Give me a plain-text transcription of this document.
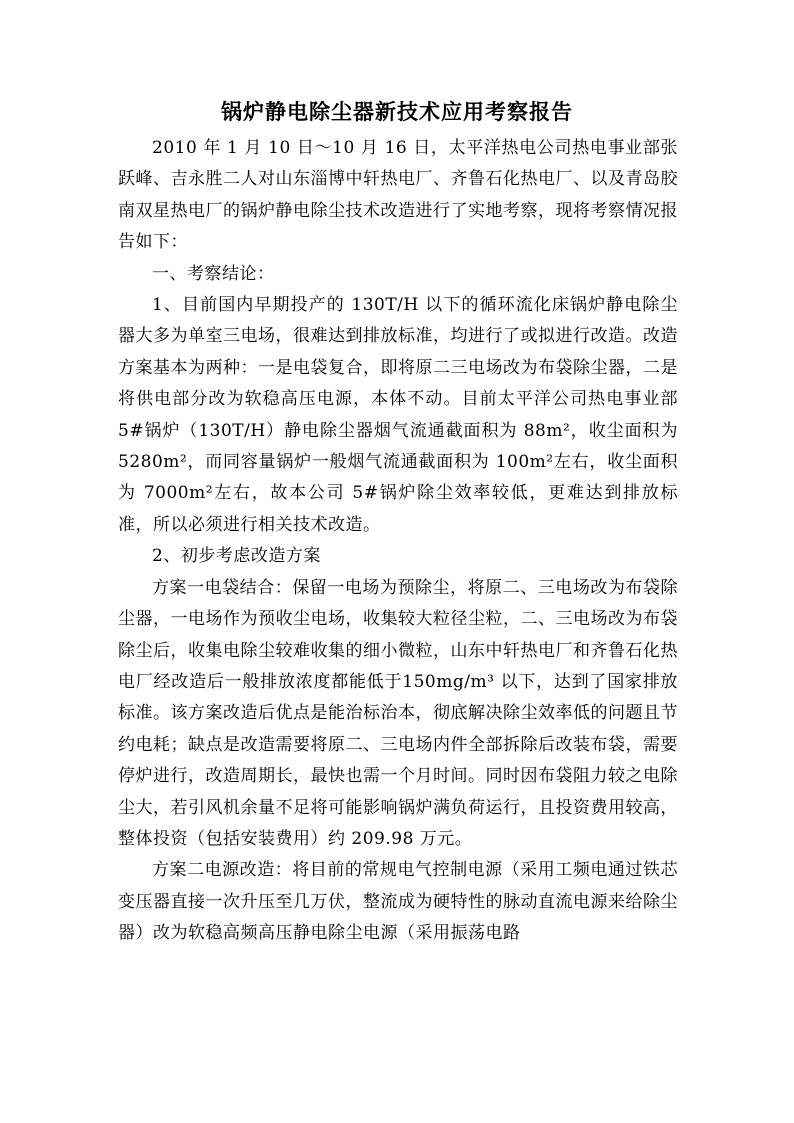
锅炉静电除尘器新技术应用考察报告

2010 年 1 月 10 日～10 月 16 日，太平洋热电公司热电事业部张跃峰、吉永胜二人对山东淄博中轩热电厂、齐鲁石化热电厂、以及青岛胶南双星热电厂的锅炉静电除尘技术改造进行了实地考察，现将考察情况报告如下：

一、考察结论：

1、目前国内早期投产的 130T/H 以下的循环流化床锅炉静电除尘器大多为单室三电场，很难达到排放标准，均进行了或拟进行改造。改造方案基本为两种：一是电袋复合，即将原二三电场改为布袋除尘器，二是将供电部分改为软稳高压电源，本体不动。目前太平洋公司热电事业部 5#锅炉（130T/H）静电除尘器烟气流通截面积为 88m²，收尘面积为 5280m²，而同容量锅炉一般烟气流通截面积为 100m²左右，收尘面积为 7000m²左右，故本公司 5#锅炉除尘效率较低，更难达到排放标准，所以必须进行相关技术改造。

2、初步考虑改造方案

方案一电袋结合：保留一电场为预除尘，将原二、三电场改为布袋除尘器，一电场作为预收尘电场，收集较大粒径尘粒，二、三电场改为布袋除尘后，收集电除尘较难收集的细小微粒，山东中轩热电厂和齐鲁石化热电厂经改造后一般排放浓度都能低于150mg/m³ 以下，达到了国家排放标准。该方案改造后优点是能治标治本，彻底解决除尘效率低的问题且节约电耗；缺点是改造需要将原二、三电场内件全部拆除后改装布袋，需要停炉进行，改造周期长，最快也需一个月时间。同时因布袋阻力较之电除尘大，若引风机余量不足将可能影响锅炉满负荷运行，且投资费用较高，整体投资（包括安装费用）约 209.98 万元。

方案二电源改造：将目前的常规电气控制电源（采用工频电通过铁芯变压器直接一次升压至几万伏，整流成为硬特性的脉动直流电源来给除尘器）改为软稳高频高压静电除尘电源（采用振荡电路
